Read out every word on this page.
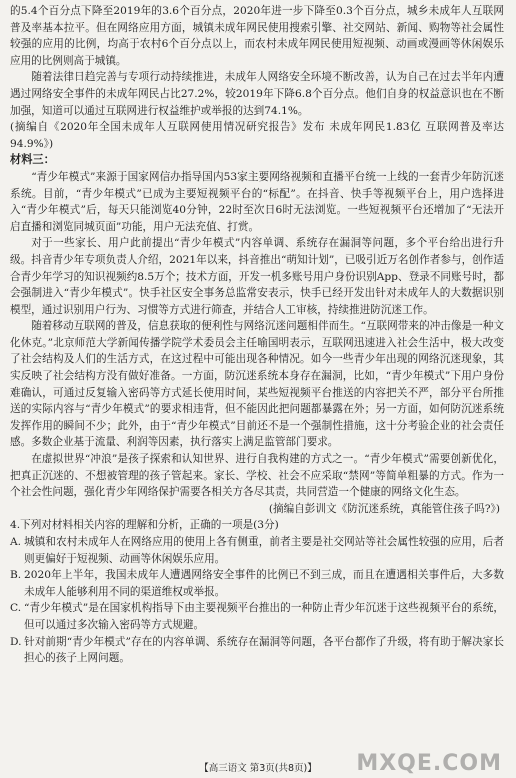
的5.4个百分点下降至2019年的3.6个百分点，2020年进一步下降至0.3个百分点，城乡未成年人互联网普及率基本拉平。但在网络应用方面，城镇未成年网民使用搜索引擎、社交网站、新闻、购物等社会属性较强的应用的比例，均高于农村6个百分点以上，而农村未成年网民使用短视频、动画或漫画等休闲娱乐应用的比例则高于城镇。

随着法律日趋完善与专项行动持续推进，未成年人网络安全环境不断改善，认为自己在过去半年内遭遇过网络安全事件的未成年网民占比27.2%，较2019年下降6.8个百分点。他们自身的权益意识也在不断加强，知道可以通过互联网进行权益维护或举报的达到74.1%。

(摘编自《2020年全国未成年人互联网使用情况研究报告》发布 未成年网民1.83亿 互联网普及率达94.9%》)

材料三：

“青少年模式”来源于国家网信办指导国内53家主要网络视频和直播平台统一上线的一套青少年防沉迷系统。目前，“青少年模式”已成为主要短视频平台的“标配”。在抖音、快手等视频平台上，用户选择进入“青少年模式”后，每天只能浏览40分钟，22时至次日6时无法浏览。一些短视频平台还增加了“无法开启直播和浏览同城页面”功能，用户无法充值、打赏。

对于一些家长、用户此前提出“青少年模式”内容单调、系统存在漏洞等问题，多个平台给出进行升级。抖音青少年专项负责人介绍，2021年以来，抖音推出“萌知计划”，已吸引近万名创作者参与，创作适合青少年学习的知识视频约8.5万个；技术方面，开发一机多账号用户身份识别App、登录不同账号时，都会强制进入“青少年模式”。快手社区安全事务总监常安表示，快手已经开发出针对未成年人的大数据识别模型，通过识别用户行为、习惯等方式进行筛查，并结合人工审核，持续推进防沉迷工作。

随着移动互联网的普及，信息获取的便利性与网络沉迷问题相伴而生。“互联网带来的冲击像是一种文化休克。”北京师范大学新闻传播学院学术委员会主任喻国明表示，互联网迅速进入社会生活中，极大改变了社会结构及人们的生活方式，在这过程中可能出现各种情况。如今一些青少年出现的网络沉迷现象，其实反映了社会结构方没有做好准备。一方面，防沉迷系统本身存在漏洞，比如，“青少年模式”下用户身份难确认，可通过反复输入密码等方式延长使用时间，某些短视频平台推送的内容把关不严，部分平台所推送的实际内容与“青少年模式”的要求相违背，但不能因此把问题都暴露在外；另一方面，如何防沉迷系统发挥作用的瞬间不少；此外，由于“青少年模式”目前还不是一个强制性措施，这十分考验企业的社会责任感。多数企业基于流量、利润等因素，执行落实上满足监管部门要求。

在虚拟世界“冲浪”是孩子探索和认知世界、进行自我构建的方式之一。“青少年模式”需要创新优化，把真正沉迷的、不想被管理的孩子管起来。家长、学校、社会不应采取“禁网”等简单粗暴的方式。作为一个社会性问题，强化青少年网络保护需要各相关方各尽其责，共同营造一个健康的网络文化生态。

(摘编自彭训文《防沉迷系统，真能管住孩子吗?》)

4.下列对材料相关内容的理解和分析，正确的一项是(3分)

A. 城镇和农村未成年人在网络应用的使用上各有侧重，前者主要是社交网站等社会属性较强的应用，后者则更偏好于短视频、动画等休闲娱乐应用。

B. 2020年上半年，我国未成年人遭遇网络安全事件的比例已不到三成，而且在遭遇相关事件后，大多数未成年人能够利用不同的渠道维权或举报。

C. “青少年模式”是在国家机构指导下由主要视频平台推出的一种防止青少年沉迷于这些视频平台的系统，但可以通过多次输入密码等方式规避。

D. 针对前期“青少年模式”存在的内容单调、系统存在漏洞等问题，各平台都作了升级，将有助于解决家长担心的孩子上网问题。

【高三语文 第3页(共8页)】	MXQE.COM
